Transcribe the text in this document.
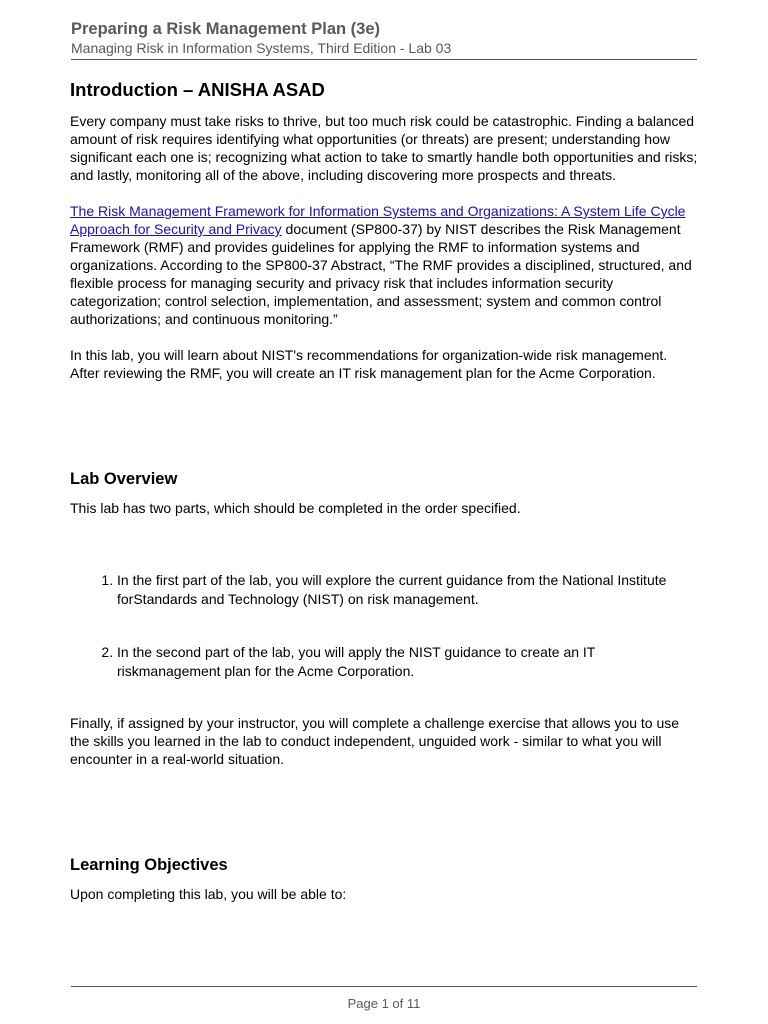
Preparing a Risk Management Plan (3e)
Managing Risk in Information Systems, Third Edition - Lab 03
Introduction – ANISHA ASAD

Every company must take risks to thrive, but too much risk could be catastrophic. Finding a balanced amount of risk requires identifying what opportunities (or threats) are present; understanding how significant each one is; recognizing what action to take to smartly handle both opportunities and risks; and lastly, monitoring all of the above, including discovering more prospects and threats.

The Risk Management Framework for Information Systems and Organizations: A System Life Cycle Approach for Security and Privacy document (SP800-37) by NIST describes the Risk Management Framework (RMF) and provides guidelines for applying the RMF to information systems and organizations. According to the SP800-37 Abstract, “The RMF provides a disciplined, structured, and flexible process for managing security and privacy risk that includes information security categorization; control selection, implementation, and assessment; system and common control authorizations; and continuous monitoring.”

In this lab, you will learn about NIST's recommendations for organization-wide risk management. After reviewing the RMF, you will create an IT risk management plan for the Acme Corporation.

Lab Overview

This lab has two parts, which should be completed in the order specified.

1. In the first part of the lab, you will explore the current guidance from the National Institute forStandards and Technology (NIST) on risk management.
2. In the second part of the lab, you will apply the NIST guidance to create an IT riskmanagement plan for the Acme Corporation.

Finally, if assigned by your instructor, you will complete a challenge exercise that allows you to use the skills you learned in the lab to conduct independent, unguided work - similar to what you will encounter in a real-world situation.

Learning Objectives

Upon completing this lab, you will be able to:

Page 1 of 11
